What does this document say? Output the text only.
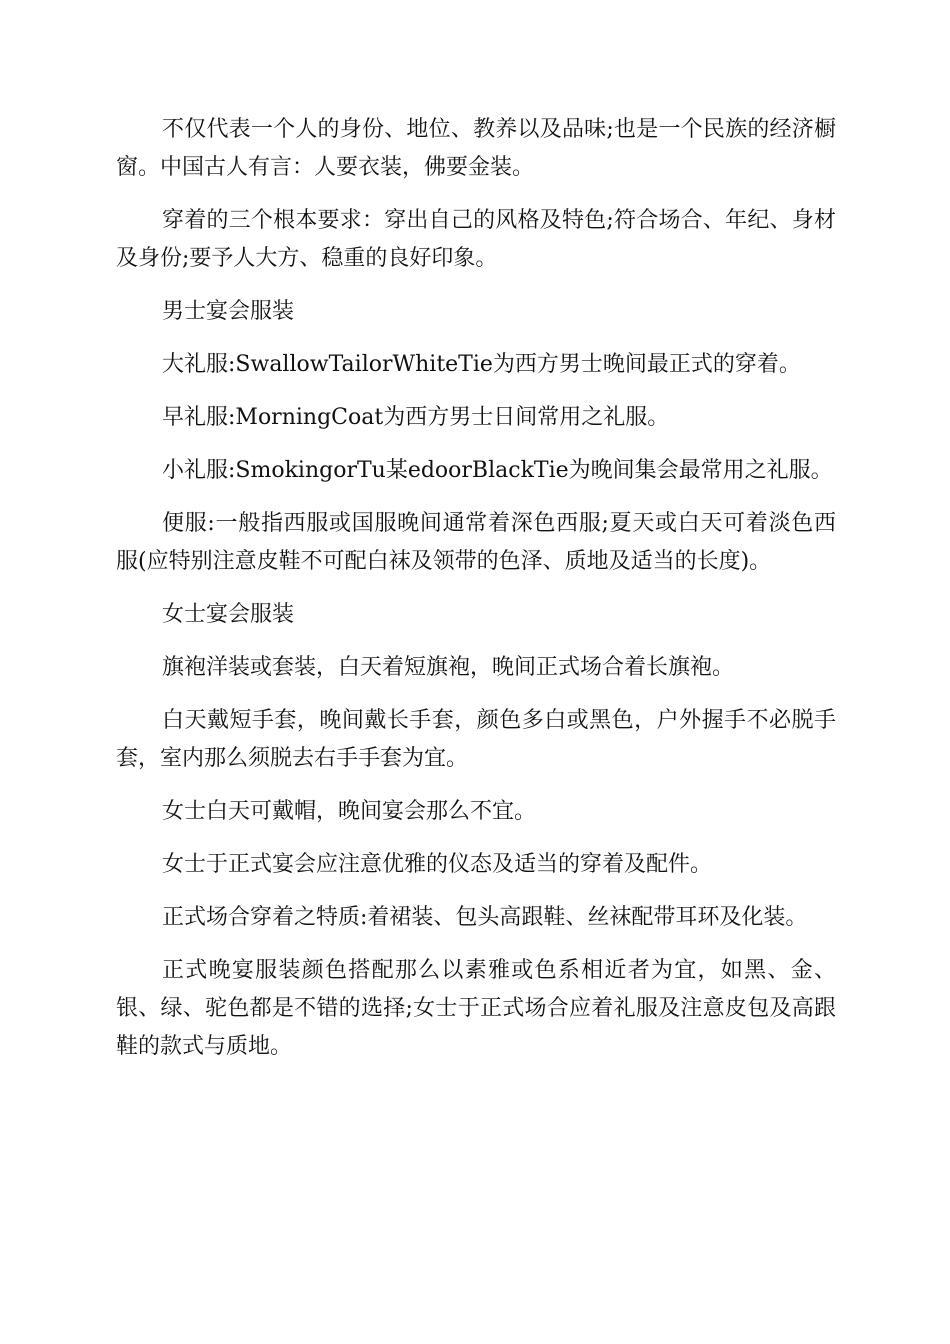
不仅代表一个人的身份、地位、教养以及品味;也是一个民族的经济橱窗。中国古人有言：人要衣装，佛要金装。

穿着的三个根本要求：穿出自己的风格及特色;符合场合、年纪、身材及身份;要予人大方、稳重的良好印象。

男士宴会服装

大礼服:SwallowTailorWhiteTie为西方男士晚间最正式的穿着。

早礼服:MorningCoat为西方男士日间常用之礼服。

小礼服:SmokingorTu某edoorBlackTie为晚间集会最常用之礼服。

便服:一般指西服或国服晚间通常着深色西服;夏天或白天可着淡色西服(应特别注意皮鞋不可配白袜及领带的色泽、质地及适当的长度)。

女士宴会服装

旗袍洋装或套装，白天着短旗袍，晚间正式场合着长旗袍。

白天戴短手套，晚间戴长手套，颜色多白或黑色，户外握手不必脱手套，室内那么须脱去右手手套为宜。

女士白天可戴帽，晚间宴会那么不宜。

女士于正式宴会应注意优雅的仪态及适当的穿着及配件。

正式场合穿着之特质:着裙装、包头高跟鞋、丝袜配带耳环及化装。

正式晚宴服装颜色搭配那么以素雅或色系相近者为宜，如黑、金、银、绿、驼色都是不错的选择;女士于正式场合应着礼服及注意皮包及高跟鞋的款式与质地。
